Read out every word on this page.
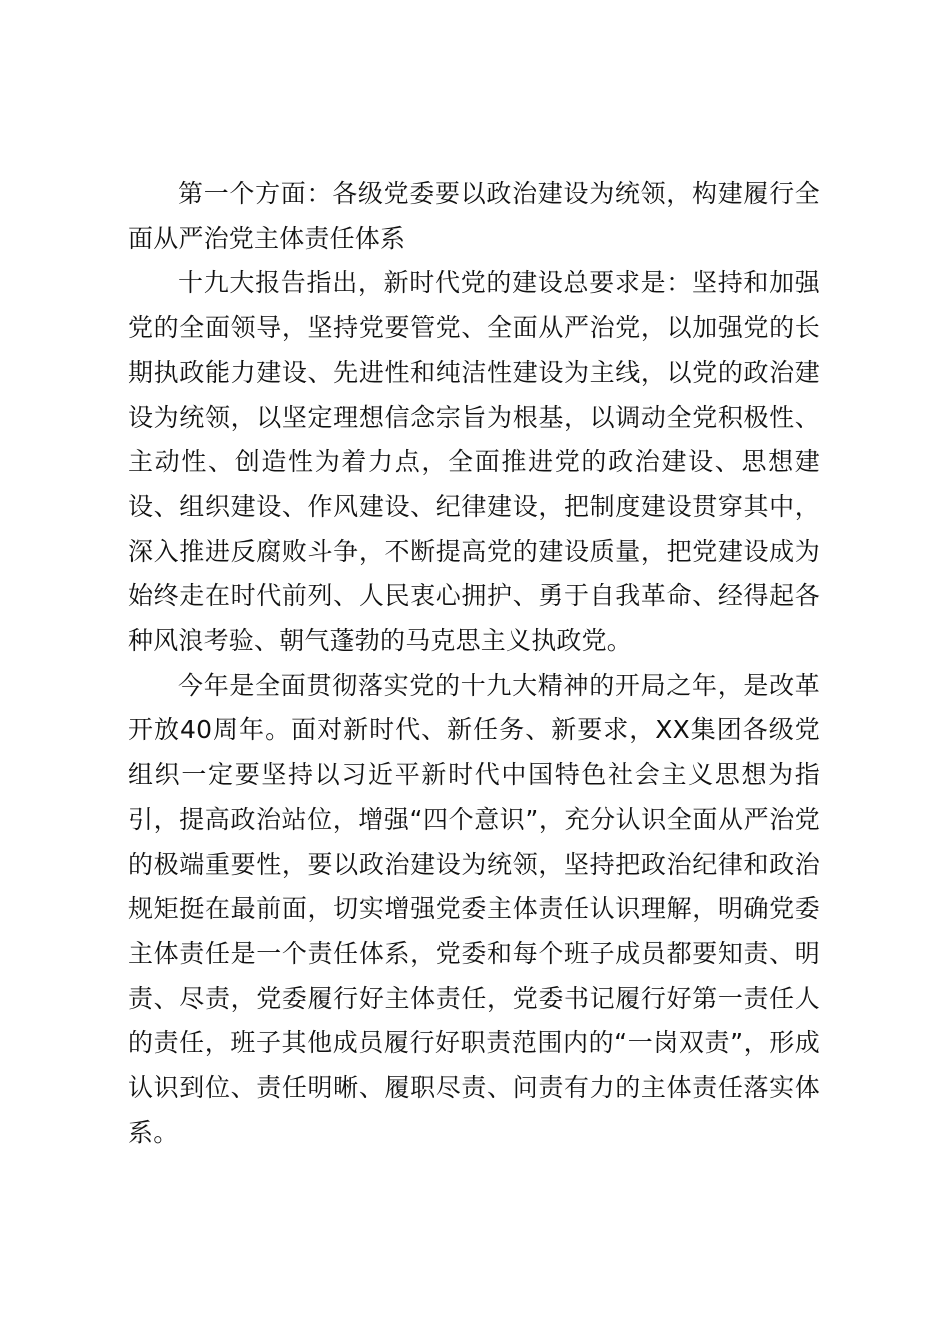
第一个方面：各级党委要以政治建设为统领，构建履行全面从严治党主体责任体系

十九大报告指出，新时代党的建设总要求是：坚持和加强党的全面领导，坚持党要管党、全面从严治党，以加强党的长期执政能力建设、先进性和纯洁性建设为主线，以党的政治建设为统领，以坚定理想信念宗旨为根基，以调动全党积极性、主动性、创造性为着力点，全面推进党的政治建设、思想建设、组织建设、作风建设、纪律建设，把制度建设贯穿其中，深入推进反腐败斗争，不断提高党的建设质量，把党建设成为始终走在时代前列、人民衷心拥护、勇于自我革命、经得起各种风浪考验、朝气蓬勃的马克思主义执政党。

今年是全面贯彻落实党的十九大精神的开局之年，是改革开放40周年。面对新时代、新任务、新要求，XX集团各级党组织一定要坚持以习近平新时代中国特色社会主义思想为指引，提高政治站位，增强“四个意识”，充分认识全面从严治党的极端重要性，要以政治建设为统领，坚持把政治纪律和政治规矩挺在最前面，切实增强党委主体责任认识理解，明确党委主体责任是一个责任体系，党委和每个班子成员都要知责、明责、尽责，党委履行好主体责任，党委书记履行好第一责任人的责任，班子其他成员履行好职责范围内的“一岗双责”，形成认识到位、责任明晰、履职尽责、问责有力的主体责任落实体系。
